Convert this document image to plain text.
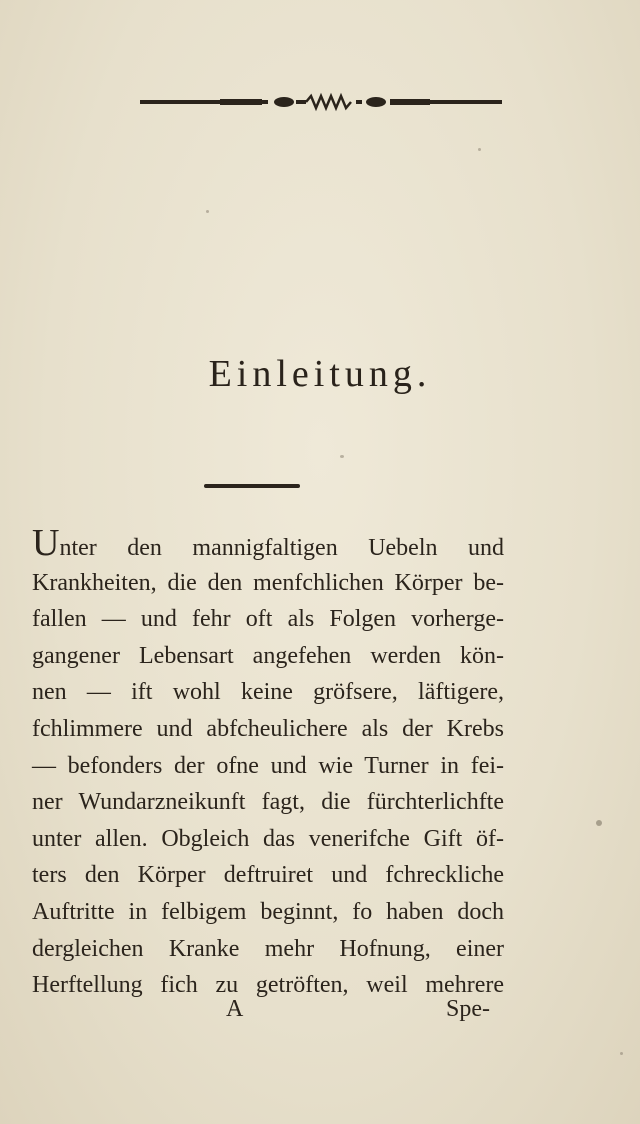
Einleitung.
Unter den mannigfaltigen Uebeln und
Krankheiten, die den menfchlichen Körper be-
fallen — und fehr oft als Folgen vorherge-
gangener Lebensart angefehen werden kön-
nen — ift wohl keine gröfsere, läftigere,
fchlimmere und abfcheulichere als der Krebs
— befonders der ofne und wie Turner in fei-
ner Wundarzneikunft fagt, die fürchterlichfte
unter allen. Obgleich das venerifche Gift öf-
ters den Körper deftruiret und fchreckliche
Auftritte in felbigem beginnt, fo haben doch
dergleichen Kranke mehr Hofnung, einer
Herftellung fich zu getröften, weil mehrere
A	Spe-
